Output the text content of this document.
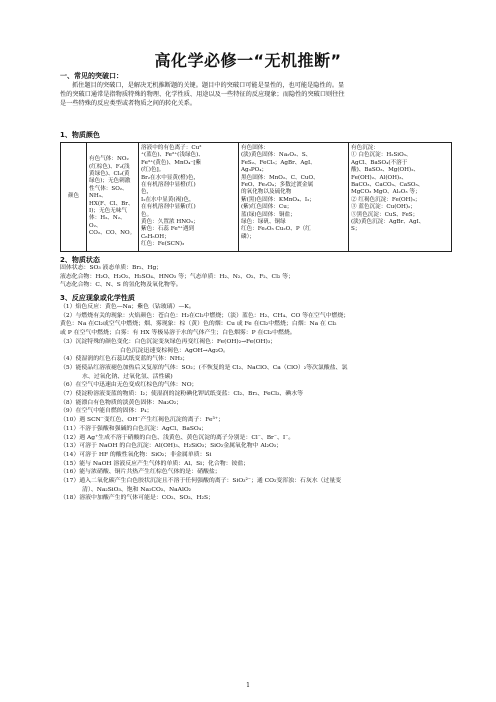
高化学必修一“无机推断”
一、常见的突破口：
抓住题目的突破口，是解决无机推断题的关键。题目中的突破口可能是显性的，也可能是隐性的。显
性的突破口通常是指物质特殊的物理、化学性质、用途以及一些特征的反应现象；而隐性的突破口则往往
是一些特殊的反应类型或者物质之间的转化关系。
1、物质颜色
颜色	
有色气体：NO₂
(红棕色)、F₂(浅
黄绿色)、Cl₂(黄
绿色)；无色刺激
性气体：SO₂、NH₃、
HX(F、Cl、Br、
I)；无色无味气
体：H₂、N₂、O₂、
CO₂、CO、NO。

溶液中的有色离子：Cu²
⁺(蓝色)、Fe²⁺(浅绿色)、
Fe³⁺(黄色)、MnO₄⁻[紫
(红)色]。
Br₂在水中显黄(橙)色，
在有机溶剂中显橙(红)
色，
I₂在水中显黄(褐)色，
在有机溶剂中显紫(红)
色。
黄色：久置浓 HNO₃；
紫色：石蕊 Fe³⁺遇到
C₆H₅OH；
红色：Fe(SCN)₃

有色固体：
(淡)黄色固体：Na₂O₂、S、
FeS₂、FeCl₃；AgBr、AgI、
Ag₃PO₄；
黑色固体：MnO₂、C、CuO、
FeO、Fe₃O₄；多数过渡金属
的氧化物以及硫化物
紫(黑)色固体：KMnO₄、I₂；
(紫)红色固体：Cu；
蓝(绿)色固体：铜盐；
绿色：绿矾、铜绿
红色：Fe₂O₃ Cu₂O、P（红
磷）；

有色沉淀：
① 白色沉淀：H₂SiO₃、
AgCl、BaSO₄(不溶于
酸)、BaSO₃、Mg(OH)₂、
Fe(OH)₂、Al(OH)₃、
BaCO₃、CaCO₃、CaSO₃、
MgCO₃ MgO、Al₂O₃ 等；
② 红褐色沉淀：Fe(OH)₃；
③ 蓝色沉淀：Cu(OH)₂；
⑤黑色沉淀：CuS、FeS；
(淡)黄色沉淀：AgBr、AgI、
S；
2、物质状态
固体状态：SO₃ 液态单质：Br₂、Hg；
液态化合物：H₂O、H₂O₂、H₂SO₄、HNO₃ 等；气态单质：H₂、N₂、O₂、F₂、Cl₂ 等；
气态化合物：C、N、S 的氢化物及氧化物等。
3、反应现象或化学性质
（1）焰色反应：黄色—Na；紫色（钴玻璃）—K。
（2）与燃烧有关的现象：火焰颜色：苍白色：H₂在Cl₂中燃烧；（淡）蓝色：H₂、CH₄、CO 等在空气中燃烧；
黄色：Na 在Cl₂或空气中燃烧；烟、雾现象：棕（黄）色的烟：Cu 或 Fe 在Cl₂中燃烧；白烟：Na 在 Cl₂
或 P 在空气中燃烧；白雾：有 HX 等极易溶于水的气体产生；白色烟雾：P 在Cl₂中燃烧。
（3）沉淀特殊的颜色变化：白色沉淀变灰绿色再变红褐色：Fe(OH)₂→Fe(OH)₃；
白色沉淀迅速变棕褐色：AgOH→Ag₂O。
（4）使湿润的红色石蕊试纸变蓝的气体：NH₃；
（5）能使品红溶液褪色加热后又复原的气体：SO₂；(不恢复的是 Cl₂、NaClO、Ca（ClO）₂等次氯酸盐、氯
水、过氧化钠、过氧化氢、活性碳)
（6）在空气中迅速由无色变成红棕色的气体：NO；
（7）使淀粉溶液变蓝的物质：I₂；使湿润的淀粉碘化钾试纸变蓝：Cl₂、Br₂、FeCl₃、碘水等
（8）能漂白有色物质的淡黄色固体：Na₂O₂；
（9）在空气中能自燃的固体：P₄；
（10）遇 SCN⁻变红色、OH⁻产生红褐色沉淀的离子：Fe³⁺；
（11）不溶于强酸和强碱的白色沉淀：AgCl、BaSO₄；
（12）遇 Ag⁺生成不溶于硝酸的白色、浅黄色、黄色沉淀的离子分别是：Cl⁻、Br⁻、I⁻。
（13）可溶于 NaOH 的白色沉淀：Al(OH)₃、H₂SiO₃；SiO₂金属氧化物中 Al₂O₃；
（14）可溶于 HF 的酸性氧化物：SiO₂；非金属单质：Si
（15）能与 NaOH 溶液反应产生气体的单质：Al、Si；化合物：铵盐；
（16）能与浓硝酸、铜片共热产生红棕色气体的是：硝酸盐；
（17）通入二氧化碳产生白色胶状沉淀且不溶于任何强酸的离子：SiO₃²⁻；通 CO₂变浑浊：石灰水（过量变
清）、Na₂SiO₃、饱和 Na₂CO₃、NaAlO₂
（18）溶液中加酸产生的气体可能是：CO₂、SO₂、H₂S；
1
